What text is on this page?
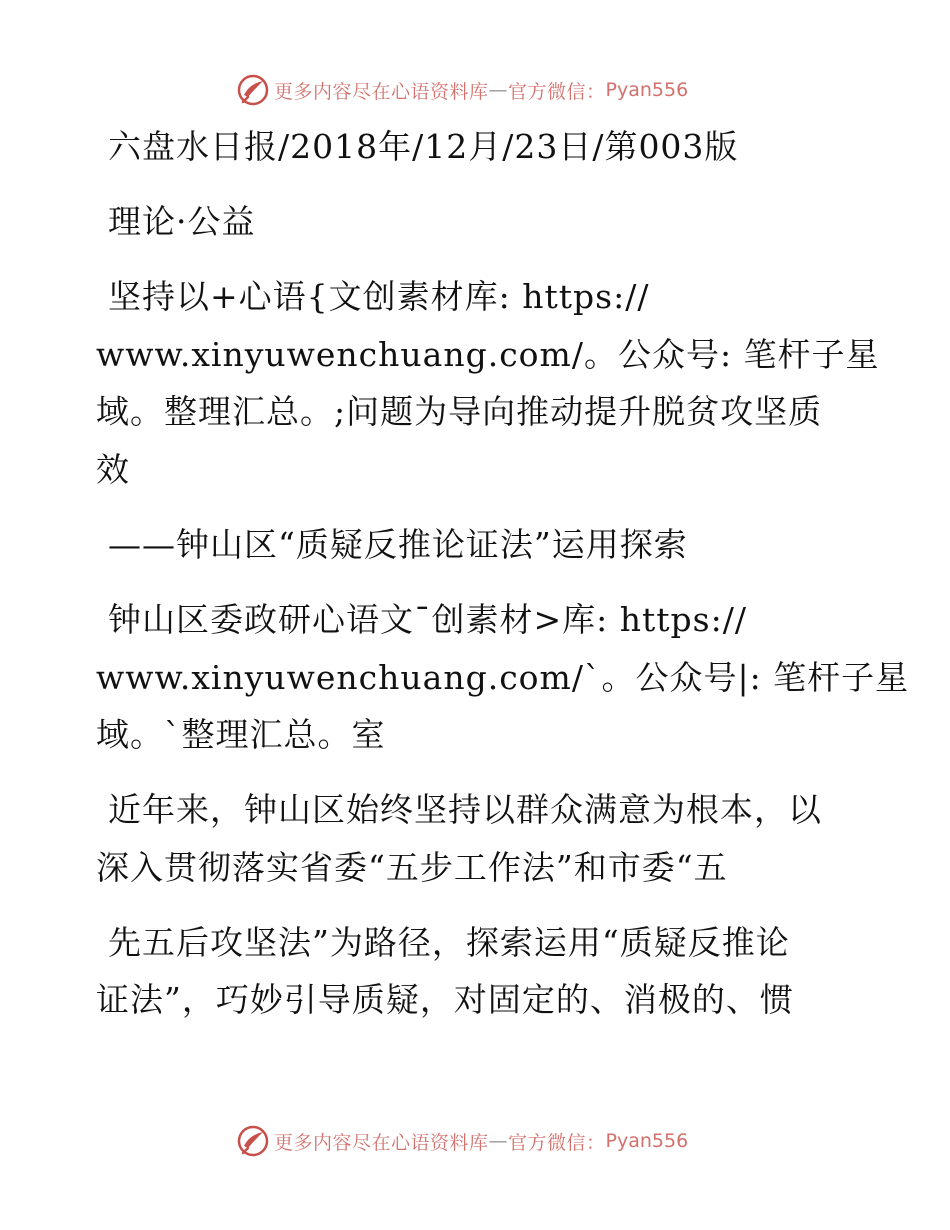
更多内容尽在心语资料库 — 官方微信： Pyan556
六盘水日报/2018年/12月/23日/第003版
理论·公益
坚持以+心语{文创素材库: https://
www.xinyuwenchuang.com/。公众号: 笔杆子星
域。整理汇总。;问题为导向推动提升脱贫攻坚质
效
——钟山区“质疑反推论证法”运用探索
钟山区委政研心语文¯创素材>库: https://
www.xinyuwenchuang.com/`。公众号|: 笔杆子星
域。`整理汇总。室
近年来，钟山区始终坚持以群众满意为根本，以
深入贯彻落实省委“五步工作法”和市委“五
先五后攻坚法”为路径，探索运用“质疑反推论
证法”，巧妙引导质疑，对固定的、消极的、惯
更多内容尽在心语资料库 — 官方微信： Pyan556
